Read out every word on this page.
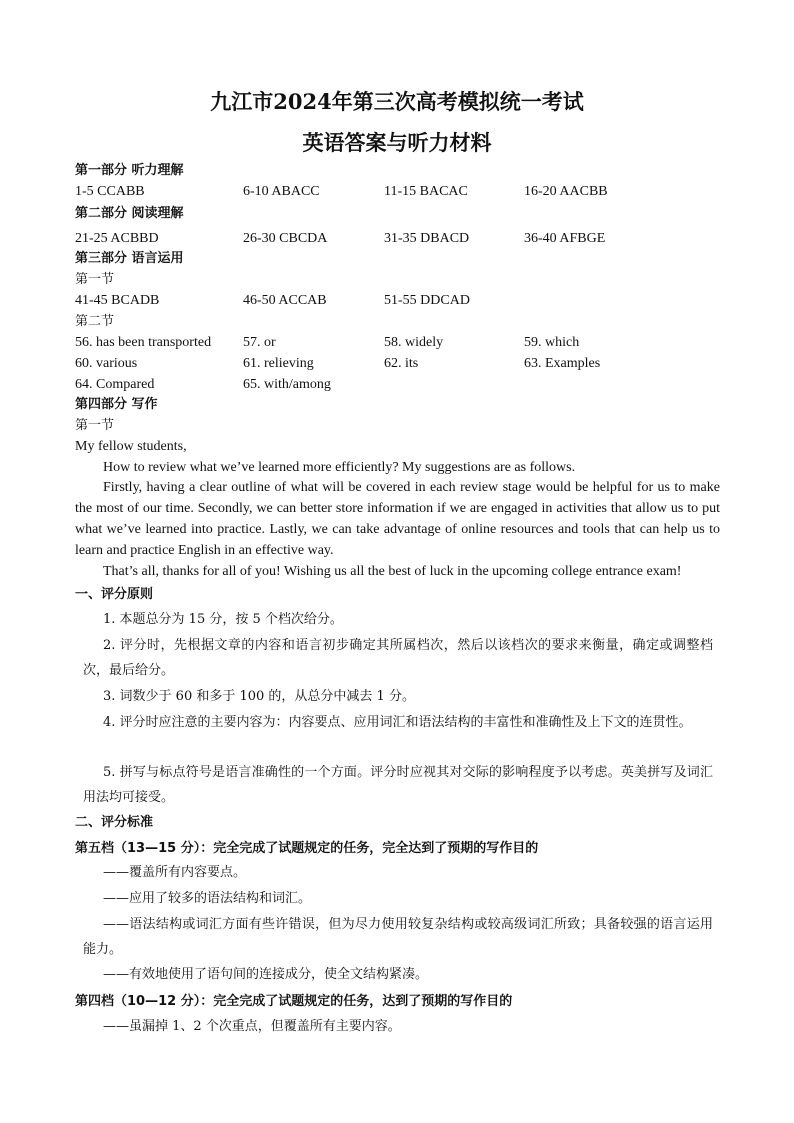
九江市2024年第三次高考模拟统一考试
英语答案与听力材料
第一部分 听力理解
1-5 CCABB	6-10 ABACC	11-15 BACAC	16-20 AACBB
第二部分 阅读理解
21-25 ACBBD	26-30 CBCDA	31-35 DBACD	36-40 AFBGE
第三部分 语言运用
第一节
41-45 BCADB	46-50 ACCAB	51-55 DDCAD
第二节
56. has been transported 57. or	58. widely	59. which
60. various	61. relieving	62. its	63. Examples
64. Compared	65. with/among
第四部分 写作
第一节
My fellow students,
How to review what we’ve learned more efficiently? My suggestions are as follows.
Firstly, having a clear outline of what will be covered in each review stage would be helpful for us to make the most of our time. Secondly, we can better store information if we are engaged in activities that allow us to put what we’ve learned into practice. Lastly, we can take advantage of online resources and tools that can help us to learn and practice English in an effective way.
That’s all, thanks for all of you! Wishing us all the best of luck in the upcoming college entrance exam!
一、评分原则
1. 本题总分为 15 分，按 5 个档次给分。
2. 评分时，先根据文章的内容和语言初步确定其所属档次，然后以该档次的要求来衡量，确定或调整档次，最后给分。
3. 词数少于 60 和多于 100 的，从总分中减去 1 分。
4. 评分时应注意的主要内容为：内容要点、应用词汇和语法结构的丰富性和准确性及上下文的连贯性。
5. 拼写与标点符号是语言准确性的一个方面。评分时应视其对交际的影响程度予以考虑。英美拼写及词汇用法均可接受。
二、评分标准
第五档（13—15 分）：完全完成了试题规定的任务，完全达到了预期的写作目的
——覆盖所有内容要点。
——应用了较多的语法结构和词汇。
——语法结构或词汇方面有些许错误，但为尽力使用较复杂结构或较高级词汇所致；具备较强的语言运用能力。
——有效地使用了语句间的连接成分，使全文结构紧凑。
第四档（10—12 分）：完全完成了试题规定的任务，达到了预期的写作目的
——虽漏掉 1、2 个次重点，但覆盖所有主要内容。
